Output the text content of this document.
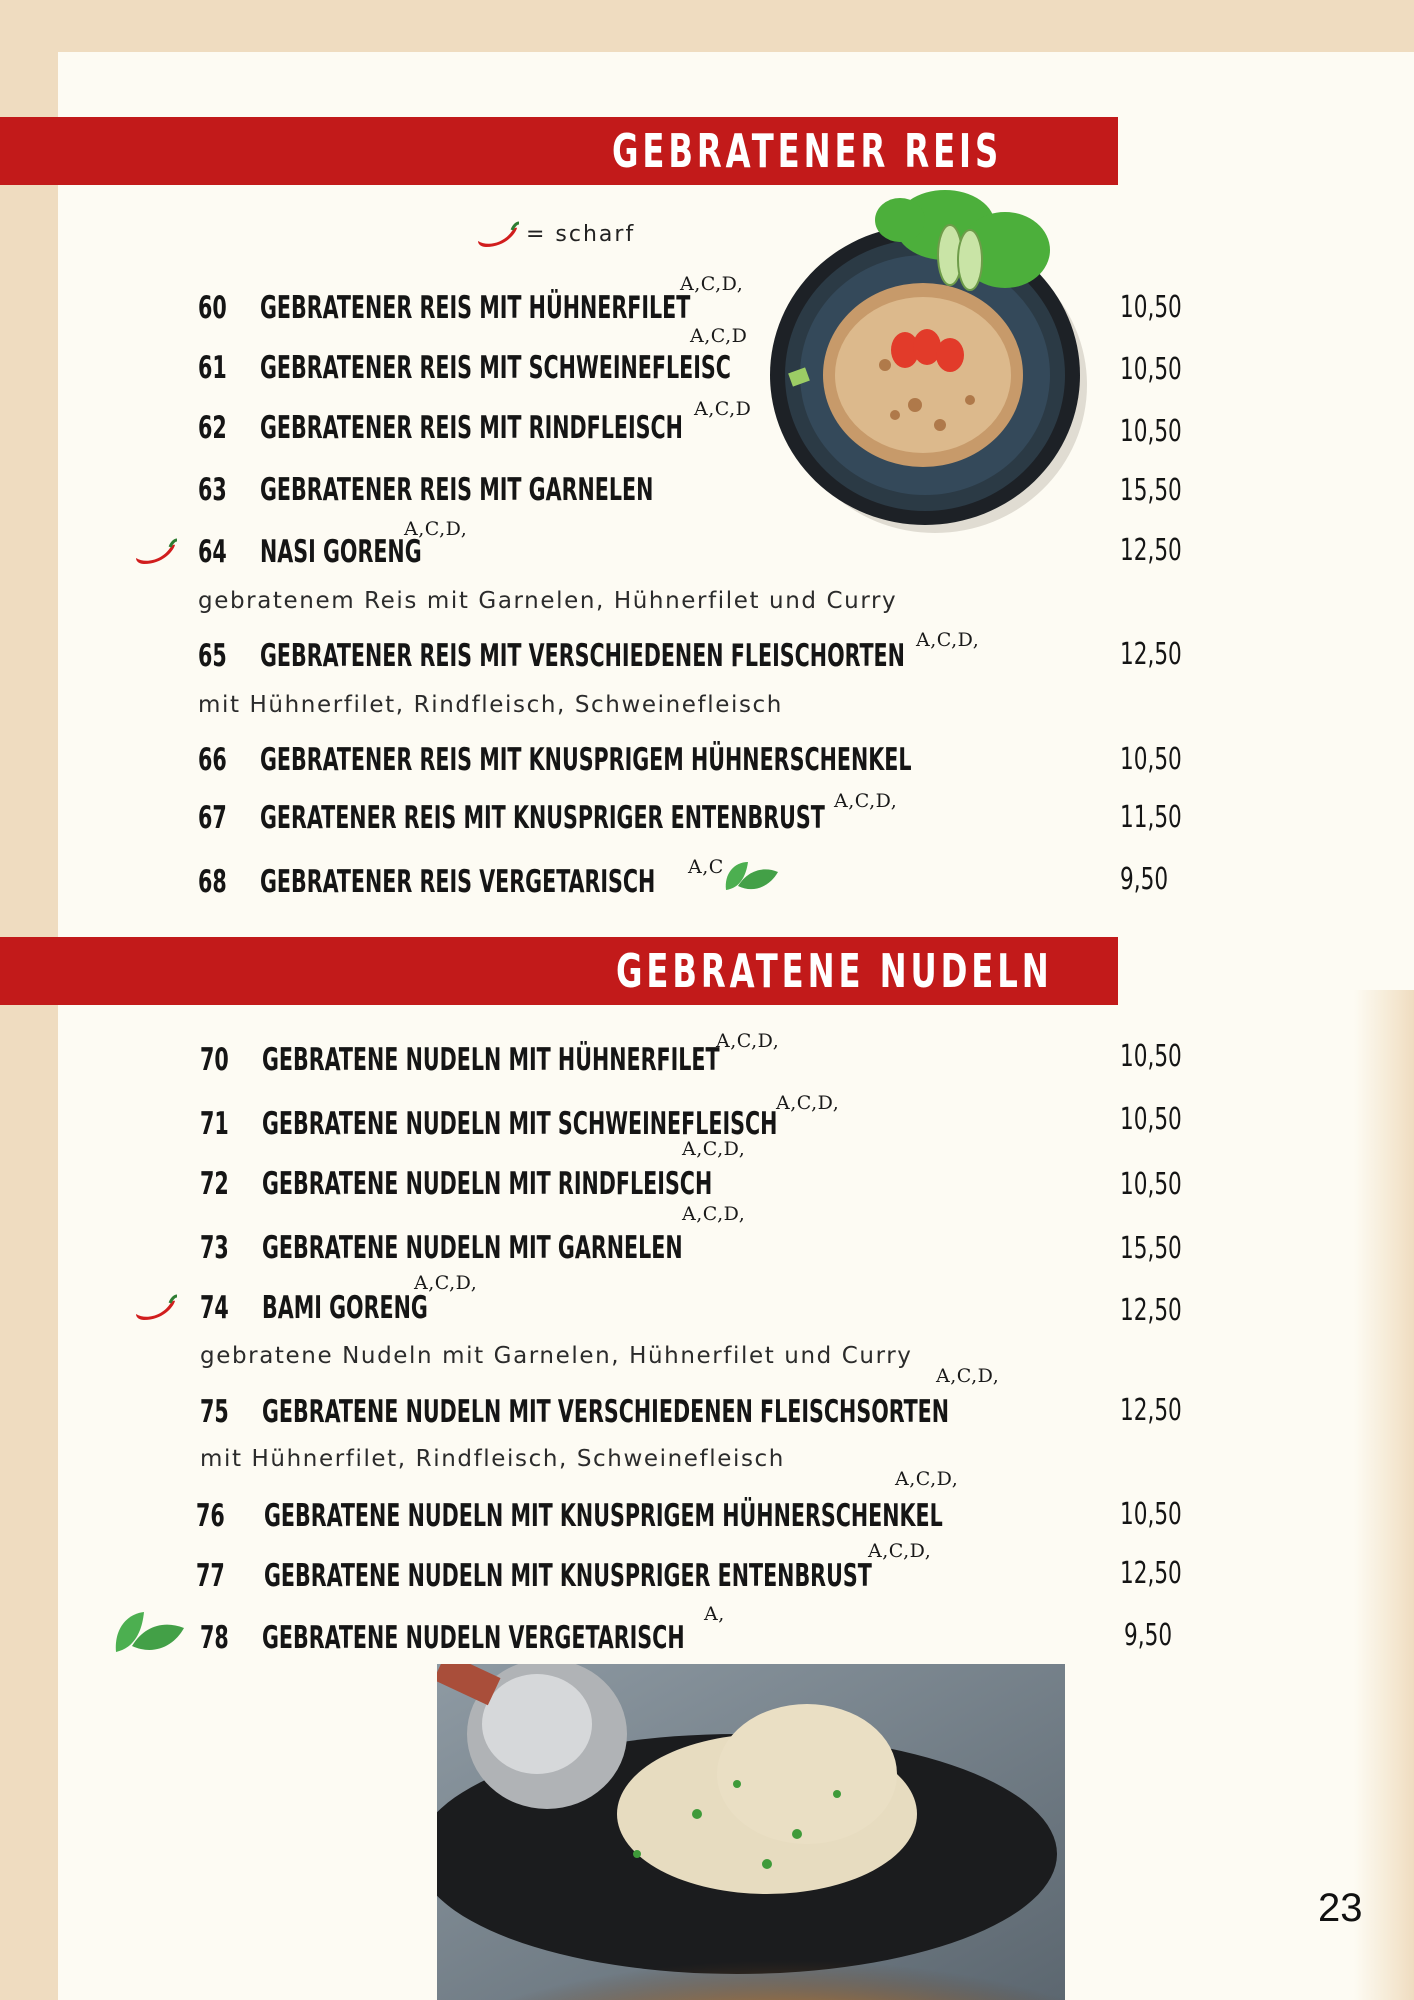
GEBRATENER REIS
= scharf
60 GEBRATENER REIS MIT HÜHNERFILET
A,C,D,
10,50
61 GEBRATENER REIS MIT SCHWEINEFLEISC
A,C,D
10,50
62 GEBRATENER REIS MIT RINDFLEISCH
A,C,D
10,50
63 GEBRATENER REIS MIT GARNELEN	15,50
64 NASI GORENG
A,C,D,
12,50
gebratenem Reis mit Garnelen, Hühnerfilet und Curry
65 GEBRATENER REIS MIT VERSCHIEDENEN FLEISCHORTEN A,C,D,	12,50
mit Hühnerfilet, Rindfleisch, Schweinefleisch
66 GEBRATENER REIS MIT KNUSPRIGEM HÜHNERSCHENKEL	10,50
67 GERATENER REIS MIT KNUSPRIGER ENTENBRUST A,C,D,	11,50
68 GEBRATENER REIS VERGETARISCH A,C	9,50
GEBRATENE NUDELN
70 GEBRATENE NUDELN MIT HÜHNERFILET
A,C,D,	10,50
71 GEBRATENE NUDELN MIT SCHWEINEFLEISCH
A,C,D,	10,50
72 GEBRATENE NUDELN MIT RINDFLEISCH
A,C,D,
10,50
73 GEBRATENE NUDELN MIT GARNELEN
A,C,D,
15,50
74 BAMI GORENG
A,C,D,
12,50
gebratene Nudeln mit Garnelen, Hühnerfilet und Curry
75 GEBRATENE NUDELN MIT VERSCHIEDENEN FLEISCHSORTEN
A,C,D,
12,50
mit Hühnerfilet, Rindfleisch, Schweinefleisch
76 GEBRATENE NUDELN MIT KNUSPRIGEM HÜHNERSCHENKEL
A,C,D,
10,50
77 GEBRATENE NUDELN MIT KNUSPRIGER ENTENBRUST
A,C,D,
12,50
78 GEBRATENE NUDELN VERGETARISCH
A,
9,50
23
